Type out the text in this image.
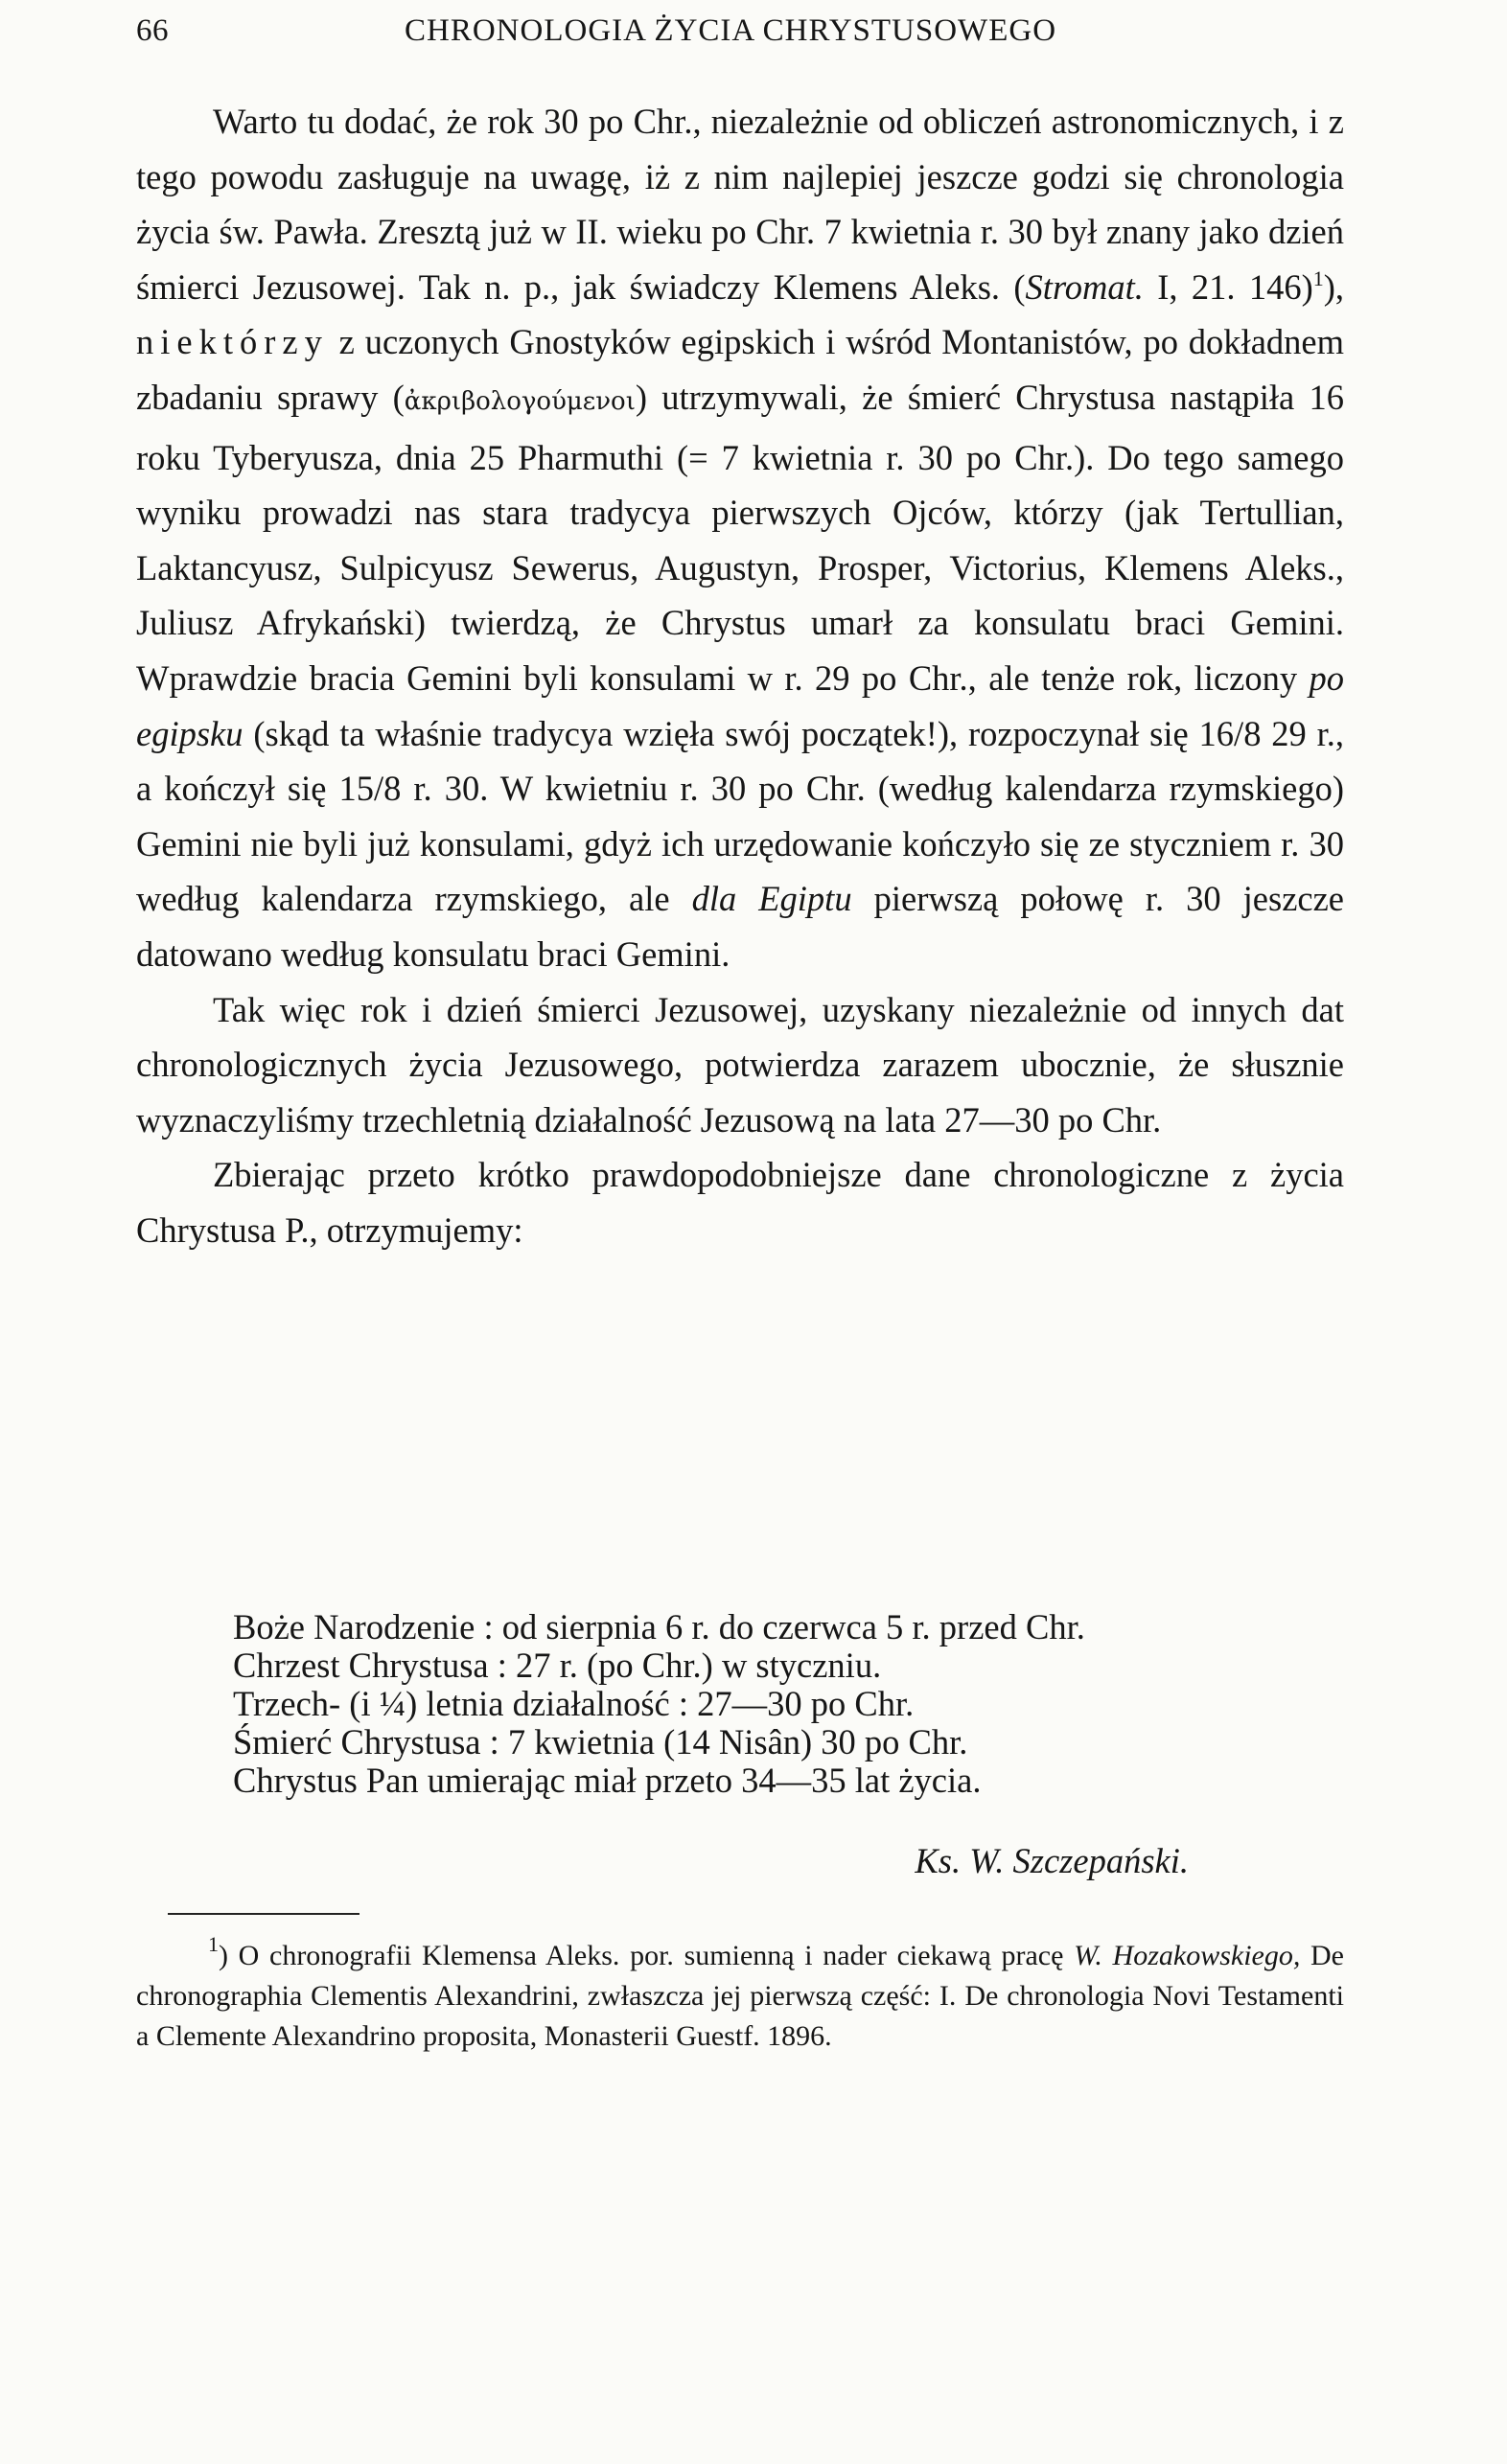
66	CHRONOLOGIA ŻYCIA CHRYSTUSOWEGO

Warto tu dodać, że rok 30 po Chr., niezależnie od obliczeń astronomicznych, i z tego powodu zasługuje na uwagę, iż z nim najlepiej jeszcze godzi się chronologia życia św. Pawła. Zresztą już w II. wieku po Chr. 7 kwietnia r. 30 był znany jako dzień śmierci Jezusowej. Tak n. p., jak świadczy Klemens Aleks. (Stromat. I, 21. 146)$^1$), niektórzy z uczonych Gnostyków egipskich i wśród Montanistów, po dokładnem zbadaniu sprawy (ἀκριβολογούμενοι) utrzymywali, że śmierć Chrystusa nastąpiła 16 roku Tyberyusza, dnia 25 Pharmuthi (= 7 kwietnia r. 30 po Chr.). Do tego samego wyniku prowadzi nas stara tradycya pierwszych Ojców, którzy (jak Tertullian, Laktancyusz, Sulpicyusz Sewerus, Augustyn, Prosper, Victorius, Klemens Aleks., Juliusz Afrykański) twierdzą, że Chrystus umarł za konsulatu braci Gemini. Wprawdzie bracia Gemini byli konsulami w r. 29 po Chr., ale tenże rok, liczony po egipsku (skąd ta właśnie tradycya wzięła swój początek!), rozpoczynał się 16/8 29 r., a kończył się 15/8 r. 30. W kwietniu r. 30 po Chr. (według kalendarza rzymskiego) Gemini nie byli już konsulami, gdyż ich urzędowanie kończyło się ze styczniem r. 30 według kalendarza rzymskiego, ale dla Egiptu pierwszą połowę r. 30 jeszcze datowano według konsulatu braci Gemini.

Tak więc rok i dzień śmierci Jezusowej, uzyskany niezależnie od innych dat chronologicznych życia Jezusowego, potwierdza zarazem ubocznie, że słusznie wyznaczyliśmy trzechletnią działalność Jezusową na lata 27—30 po Chr.

Zbierając przeto krótko prawdopodobniejsze dane chronologiczne z życia Chrystusa P., otrzymujemy:

Boże Narodzenie : od sierpnia 6 r. do czerwca 5 r. przed Chr.
Chrzest Chrystusa : 27 r. (po Chr.) w styczniu.
Trzech- (i ¼) letnia działalność : 27—30 po Chr.
Śmierć Chrystusa : 7 kwietnia (14 Nisân) 30 po Chr.
Chrystus Pan umierając miał przeto 34—35 lat życia.
Ks. W. Szczepański.

$^1$) O chronografii Klemensa Aleks. por. sumienną i nader ciekawą pracę W. Hozakowskiego, De chronographia Clementis Alexandrini, zwłaszcza jej pierwszą część: I. De chronologia Novi Testamenti a Clemente Alexandrino proposita, Monasterii Guestf. 1896.
